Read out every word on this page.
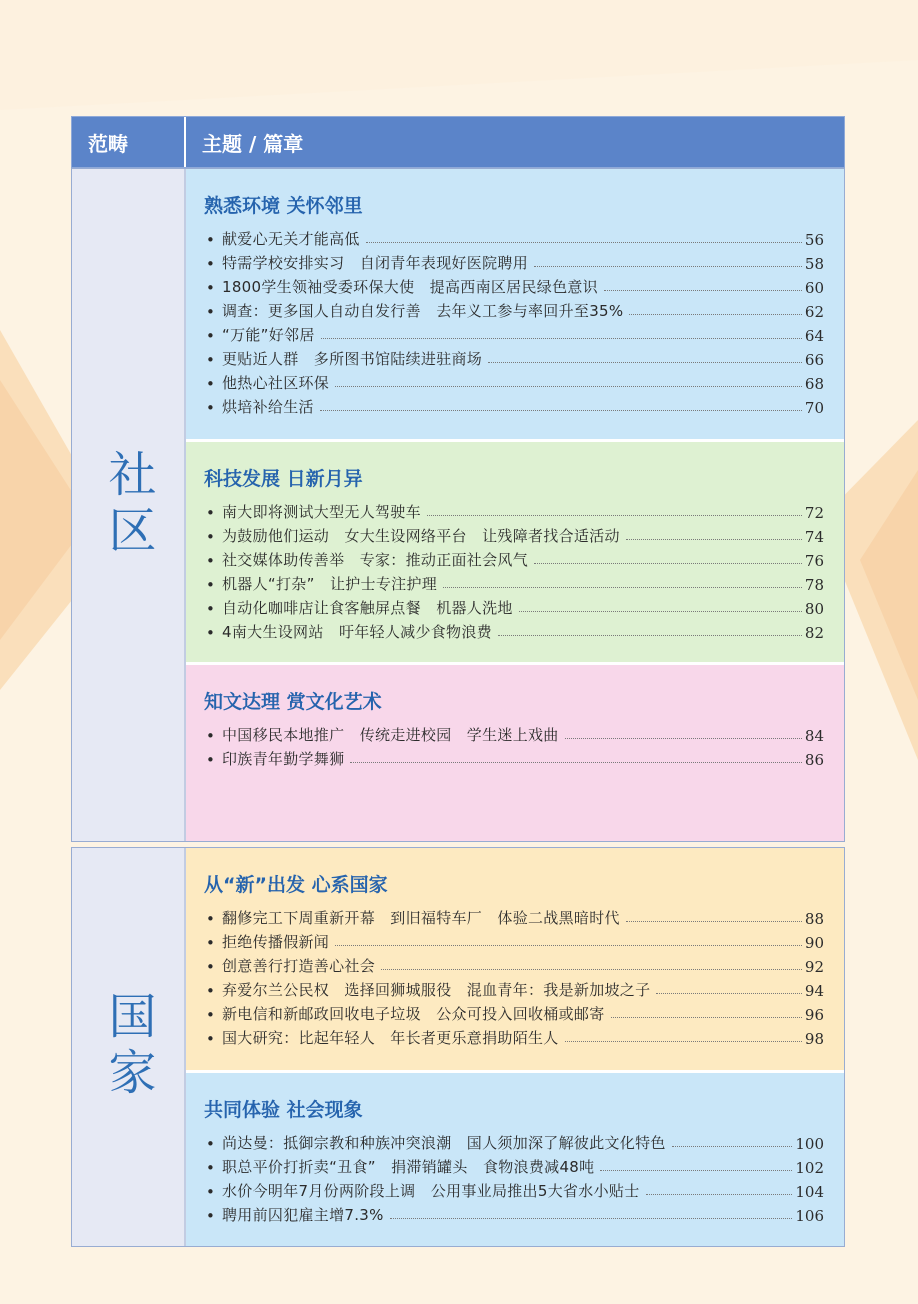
范畴	主题 / 篇章
社区
熟悉环境 关怀邻里
• 献爱心无关才能高低	56
• 特需学校安排实习　自闭青年表现好医院聘用	58
• 1800学生领袖受委环保大使　提高西南区居民绿色意识	60
• 调查：更多国人自动自发行善　去年义工参与率回升至35%	62
• “万能”好邻居	64
• 更贴近人群　多所图书馆陆续进驻商场	66
• 他热心社区环保	68
• 烘培补给生活	70
科技发展 日新月异
• 南大即将测试大型无人驾驶车	72
• 为鼓励他们运动　女大生设网络平台　让残障者找合适活动	74
• 社交媒体助传善举　专家：推动正面社会风气	76
• 机器人“打杂”　让护士专注护理	78
• 自动化咖啡店让食客触屏点餐　机器人洗地	80
• 4南大生设网站　吁年轻人减少食物浪费	82
知文达理 赏文化艺术
• 中国移民本地推广　传统走进校园　学生迷上戏曲	84
• 印族青年勤学舞狮	86
国家
从“新”出发 心系国家
• 翻修完工下周重新开幕　到旧福特车厂　体验二战黑暗时代	88
• 拒绝传播假新闻	90
• 创意善行打造善心社会	92
• 弃爱尔兰公民权　选择回狮城服役　混血青年：我是新加坡之子	94
• 新电信和新邮政回收电子垃圾　公众可投入回收桶或邮寄	96
• 国大研究：比起年轻人　年长者更乐意捐助陌生人	98
共同体验 社会现象
• 尚达曼：抵御宗教和种族冲突浪潮　国人须加深了解彼此文化特色	100
• 职总平价打折卖“丑食”　捐滞销罐头　食物浪费减48吨	102
• 水价今明年7月份两阶段上调　公用事业局推出5大省水小贴士	104
• 聘用前囚犯雇主增7.3%	106
